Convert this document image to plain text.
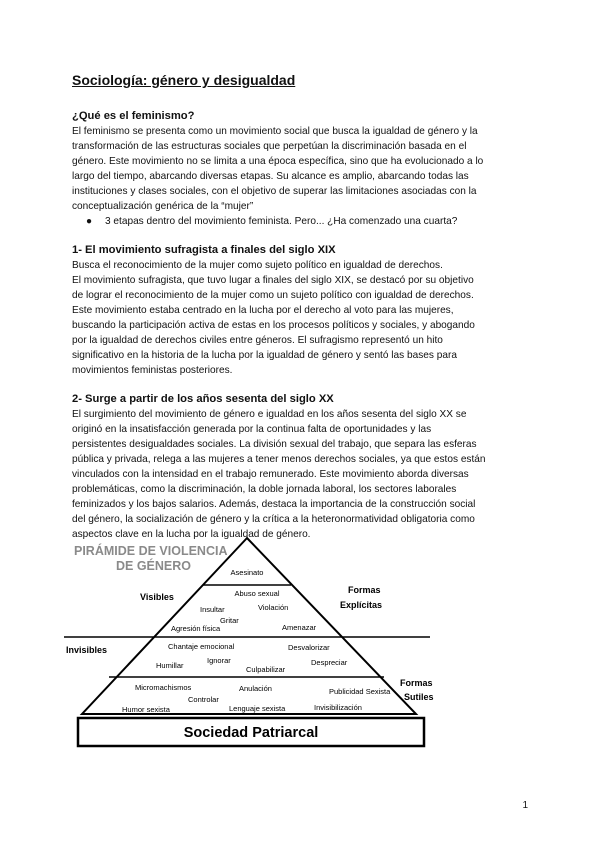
Sociología: género y desigualdad
¿Qué es el feminismo?

El feminismo se presenta como un movimiento social que busca la igualdad de género y la
transformación de las estructuras sociales que perpetúan la discriminación basada en el
género. Este movimiento no se limita a una época específica, sino que ha evolucionado a lo
largo del tiempo, abarcando diversas etapas. Su alcance es amplio, abarcando todas las
instituciones y clases sociales, con el objetivo de superar las limitaciones asociadas con la
conceptualización genérica de la “mujer”

● 3 etapas dentro del movimiento feminista. Pero... ¿Ha comenzado una cuarta?
1- El movimiento sufragista a finales del siglo XIX

Busca el reconocimiento de la mujer como sujeto político en igualdad de derechos.
El movimiento sufragista, que tuvo lugar a finales del siglo XIX, se destacó por su objetivo
de lograr el reconocimiento de la mujer como un sujeto político con igualdad de derechos.
Este movimiento estaba centrado en la lucha por el derecho al voto para las mujeres,
buscando la participación activa de estas en los procesos políticos y sociales, y abogando
por la igualdad de derechos civiles entre géneros. El sufragismo representó un hito
significativo en la historia de la lucha por la igualdad de género y sentó las bases para
movimientos feministas posteriores.

2- Surge a partir de los años sesenta del siglo XX

El surgimiento del movimiento de género e igualdad en los años sesenta del siglo XX se
originó en la insatisfacción generada por la continua falta de oportunidades y las
persistentes desigualdades sociales. La división sexual del trabajo, que separa las esferas
pública y privada, relega a las mujeres a tener menos derechos sociales, ya que estos están
vinculados con la intensidad en el trabajo remunerado. Este movimiento aborda diversas
problemáticas, como la discriminación, la doble jornada laboral, los sectores laborales
feminizados y los bajos salarios. Además, destaca la importancia de la construcción social
del género, la socialización de género y la crítica a la heteronormatividad obligatoria como
aspectos clave en la lucha por la igualdad de género.

PIRÁMIDE DE VIOLENCIA
DE GÉNERO
Sociedad Patriarcal
Visibles
Invisibles
Formas
Explícitas
Formas
Sutiles
Asesinato
Abuso sexual
Insultar	Violación
Gritar
Agresión física	Amenazar
Chantaje emocional	Desvalorizar
Humillar
Ignorar
Culpabilizar
Despreciar
Micromachismos	Anulación	Publicidad Sexista
Controlar
Humor sexista	Lenguaje sexista	Invisibilización
1
